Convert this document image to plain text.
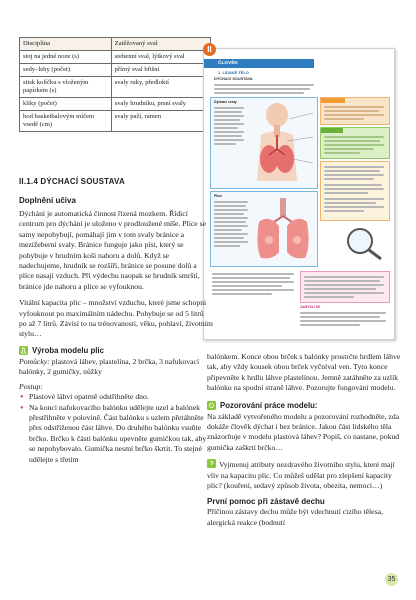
Disciplína	Zatěžovaný sval
stoj na jedné noze (s)	stehenní sval, lýtkový sval
sedy–lehy (počet)	přímý sval břišní
stisk kolíčku s vloženým papírkem (s)	svaly ruky, předloktí
kliky (počet)	svaly hrudníku, prsní svaly
hod basketbalovým míčem vsedě (cm)	svaly paží, ramen
ČLOVĚK
1. LIDSKÉ TĚLO
DÝCHACÍ SOUSTAVA
Dýchací cesty
Plíce
ZAMYSLI SE
II
II.1.4 DÝCHACÍ SOUSTAVA
Doplnění učiva

Dýchání je automatická činnost řízená mozkem. Řídicí centrum pro dýchání je uloženo v prodloužené míše. Plíce se samy nepohybují, pomáhají jim v tom svaly bránice a mezižeberní svaly. Bránice funguje jako píst, který se pohybuje v hrudním koši nahoru a dolů. Když se nadechujeme, hrudník se rozšíří, bránice se posune dolů a plíce nasají vzduch. Při výdechu naopak se hrudník smrští, bránice jde nahoru a plíce se vyfouknou.

Vitální kapacita plic – množství vzduchu, které jsme schopni vyfouknout po maximálním nádechu. Pohybuje se od 5 litrů po až 7 litrů. Závisí to na trénovanosti, věku, pohlaví, životním stylu…

Výroba modelu plic

Pomůcky: plastová láhev, plastelína, 2 brčka, 3 nafukovací balónky, 2 gumičky, nůžky

Postup:

● Plastové láhvi opatrně odstřihněte dno.
● Na konci nafukovacího balónku udělejte uzel a balónek přestřihněte v polovině. Část balónku s uzlem přetáhněte přes odstřiženou část láhve. Do druhého balónku vsuňte brčko. Brčko k části balónku upevněte gumičkou tak, aby se nepohybovalo. Gumička nesmí brčko škrtit. To stejné udělejte s třetím

balónkem. Konce obou brček s balónky prostrčte hrdlem láhve tak, aby vždy kousek obou brček vyčníval ven. Tyto konce připevněte k hrdlu láhve plastelínou. Jemně zatáhněte za uzlík balónku na spodní straně láhve. Pozorujte fungování modelu.

Pozorování práce modelu:

Na základě vytvořeného modelu a pozorování rozhodněte, zda dokáže člověk dýchat i bez bránice. Jakou část lidského těla znázorňuje v modelu plastová láhev? Popiš, co nastane, pokud gumička zaškrtí brčko…

Vyjmenuj atributy nezdravého životního stylu, které mají vliv na kapacitu plic. Co můžeš udělat pro zlepšení kapacity plic? (kouření, sedavý způsob života, obezita, nemoci…)

První pomoc při zástavě dechu

Příčinou zástavy dechu může být vdechnutí cizího tělesa, alergická reakce (bodnutí

35
